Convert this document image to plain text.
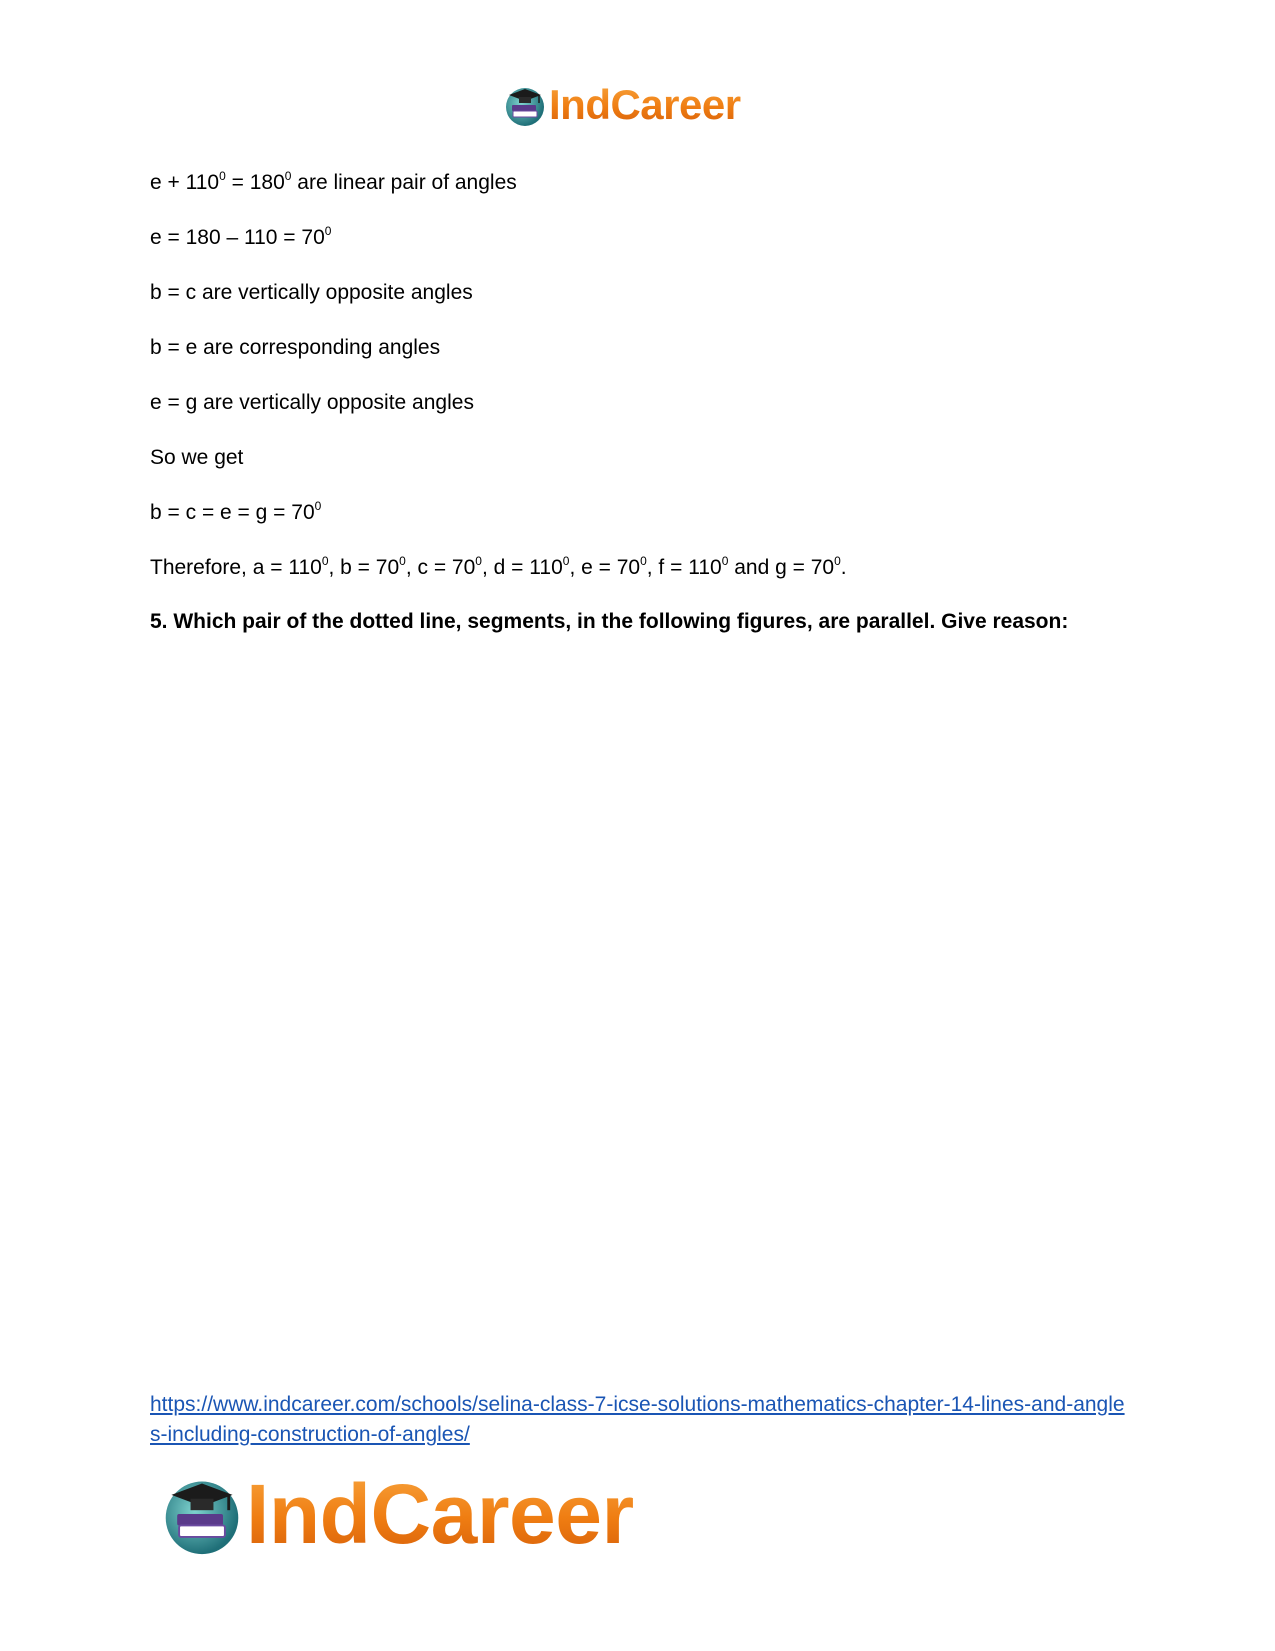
IndCareer
$e + 110^0 = 180^0$ are linear pair of angles
$e = 180 - 110 = 70^0$
b = c are vertically opposite angles
b = e are corresponding angles
e = g are vertically opposite angles
So we get
$b = c = e = g = 70^0$
Therefore, $a = 110^0$, $b = 70^0$, $c = 70^0$, $d = 110^0$, $e = 70^0$, $f = 110^0$ and $g = 70^0$.
5. Which pair of the dotted line, segments, in the following figures, are parallel. Give reason:
https://www.indcareer.com/schools/selina-class-7-icse-solutions-mathematics-chapter-14-lines-and-angles-including-construction-of-angles/
IndCareer
